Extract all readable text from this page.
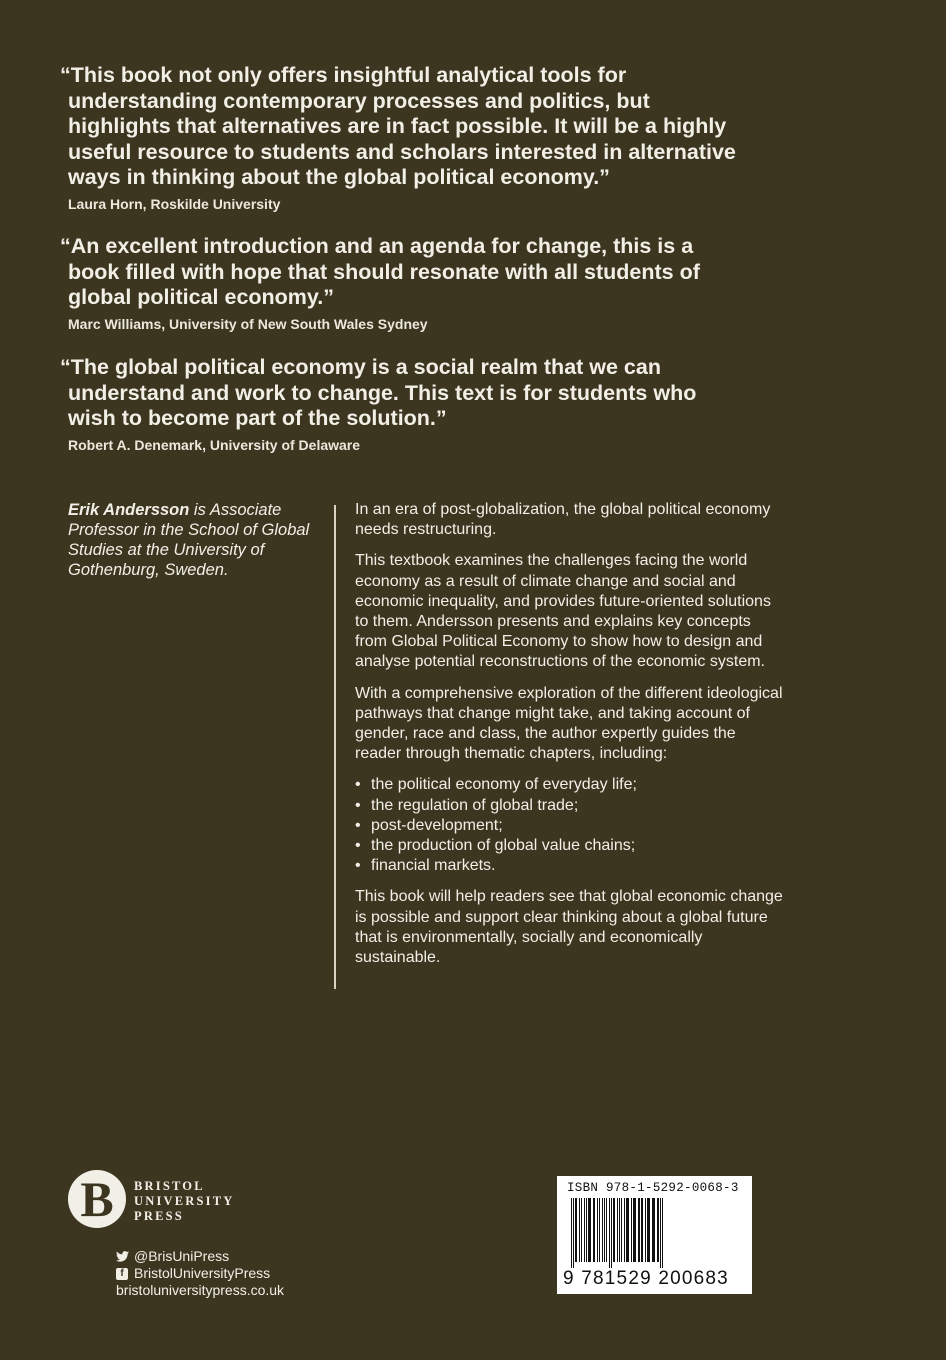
“This book not only offers insightful analytical tools for understanding contemporary processes and politics, but highlights that alternatives are in fact possible. It will be a highly useful resource to students and scholars interested in alternative ways in thinking about the global political economy.”

Laura Horn, Roskilde University

“An excellent introduction and an agenda for change, this is a book filled with hope that should resonate with all students of global political economy.”

Marc Williams, University of New South Wales Sydney

“The global political economy is a social realm that we can understand and work to change. This text is for students who wish to become part of the solution.”

Robert A. Denemark, University of Delaware
Erik Andersson is Associate Professor in the School of Global Studies at the University of Gothenburg, Sweden.

In an era of post-globalization, the global political economy needs restructuring.

This textbook examines the challenges facing the world economy as a result of climate change and social and economic inequality, and provides future-oriented solutions to them. Andersson presents and explains key concepts from Global Political Economy to show how to design and analyse potential reconstructions of the economic system.

With a comprehensive exploration of the different ideological pathways that change might take, and taking account of gender, race and class, the author expertly guides the reader through thematic chapters, including:

• the political economy of everyday life;
• the regulation of global trade;
• post-development;
• the production of global value chains;
• financial markets.

This book will help readers see that global economic change is possible and support clear thinking about a global future that is environmentally, socially and economically sustainable.

B	BRISTOL
UNIVERSITY
PRESS
@BrisUniPress
f BristolUniversityPress
bristoluniversitypress.co.uk
ISBN 978-1-5292-0068-3
9 781529 200683
